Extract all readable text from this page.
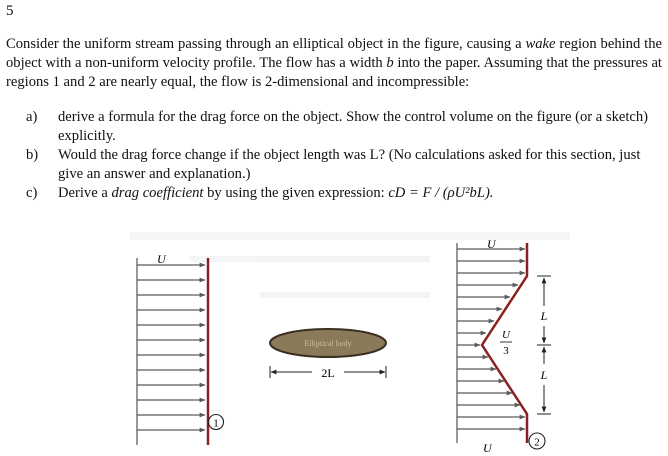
5

Consider the uniform stream passing through an elliptical object in the figure, causing a wake region behind the object with a non-uniform velocity profile. The flow has a width b into the paper. Assuming that the pressures at regions 1 and 2 are nearly equal, the flow is 2-dimensional and incompressible:

a) derive a formula for the drag force on the object. Show the control volume on the figure (or a sketch) explicitly.
b) Would the drag force change if the object length was L? (No calculations asked for this section, just give an answer and explanation.)
c) Derive a drag coefficient by using the given expression: cD = F / (ρU²bL).
U
1
Elliptical body
2L
U
U
U
3
L
L
2
